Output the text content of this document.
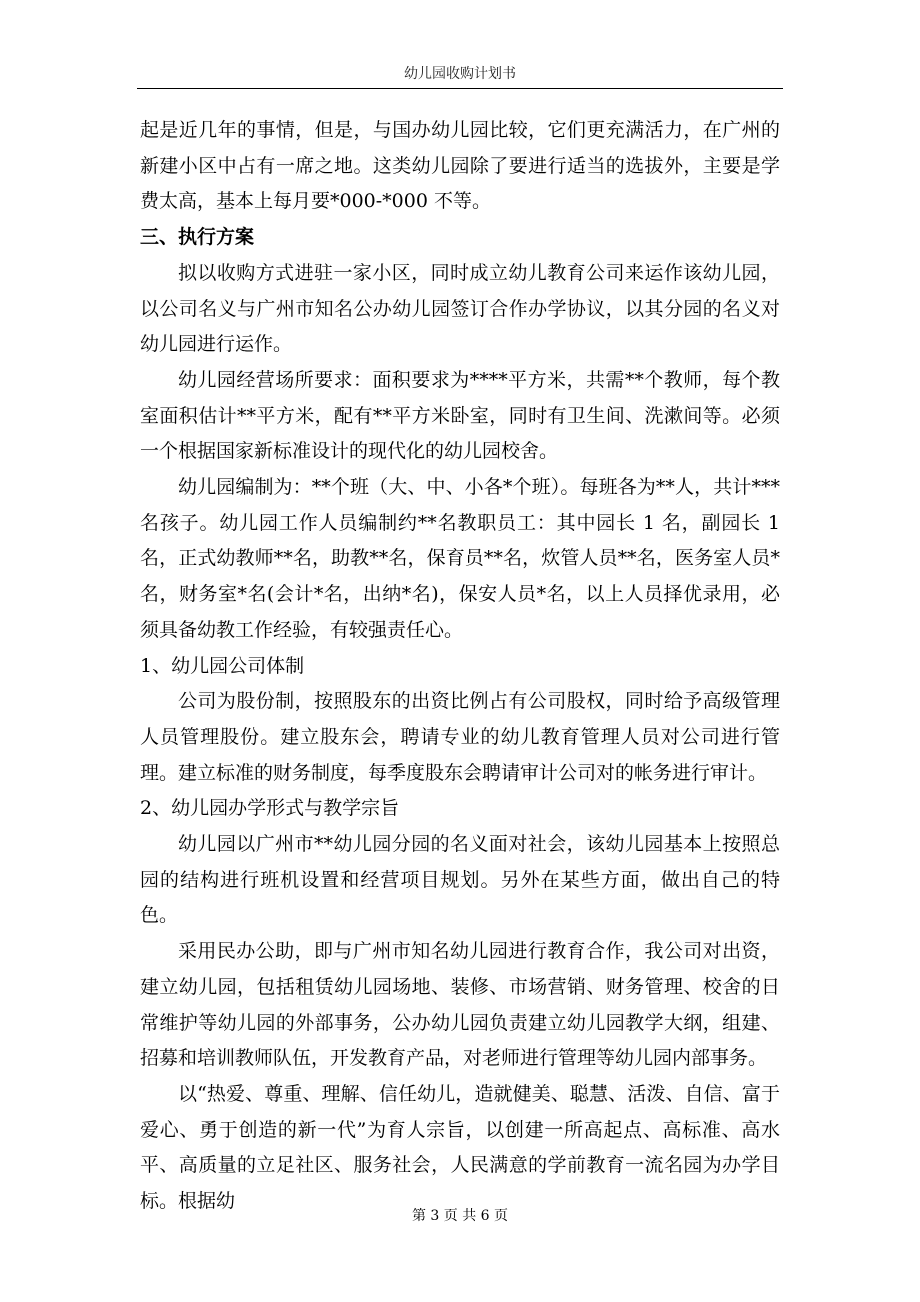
幼儿园收购计划书

起是近几年的事情，但是，与国办幼儿园比较，它们更充满活力，在广州的新建小区中占有一席之地。这类幼儿园除了要进行适当的选拔外，主要是学费太高，基本上每月要*000-*000 不等。

三、执行方案

拟以收购方式进驻一家小区，同时成立幼儿教育公司来运作该幼儿园，以公司名义与广州市知名公办幼儿园签订合作办学协议，以其分园的名义对幼儿园进行运作。

幼儿园经营场所要求：面积要求为****平方米，共需**个教师，每个教室面积估计**平方米，配有**平方米卧室，同时有卫生间、洗漱间等。必须一个根据国家新标准设计的现代化的幼儿园校舍。

幼儿园编制为：**个班（大、中、小各*个班）。每班各为**人，共计***名孩子。幼儿园工作人员编制约**名教职员工：其中园长 1 名，副园长 1 名，正式幼教师**名，助教**名，保育员**名，炊管人员**名，医务室人员*名，财务室*名(会计*名，出纳*名)，保安人员*名，以上人员择优录用，必须具备幼教工作经验，有较强责任心。

1、幼儿园公司体制

公司为股份制，按照股东的出资比例占有公司股权，同时给予高级管理人员管理股份。建立股东会，聘请专业的幼儿教育管理人员对公司进行管理。建立标准的财务制度，每季度股东会聘请审计公司对的帐务进行审计。

2、幼儿园办学形式与教学宗旨

幼儿园以广州市**幼儿园分园的名义面对社会，该幼儿园基本上按照总园的结构进行班机设置和经营项目规划。另外在某些方面，做出自己的特色。

采用民办公助，即与广州市知名幼儿园进行教育合作，我公司对出资，建立幼儿园，包括租赁幼儿园场地、装修、市场营销、财务管理、校舍的日常维护等幼儿园的外部事务，公办幼儿园负责建立幼儿园教学大纲，组建、招募和培训教师队伍，开发教育产品，对老师进行管理等幼儿园内部事务。

以“热爱、尊重、理解、信任幼儿，造就健美、聪慧、活泼、自信、富于爱心、勇于创造的新一代”为育人宗旨，以创建一所高起点、高标准、高水平、高质量的立足社区、服务社会，人民满意的学前教育一流名园为办学目标。根据幼

第 3 页 共 6 页
